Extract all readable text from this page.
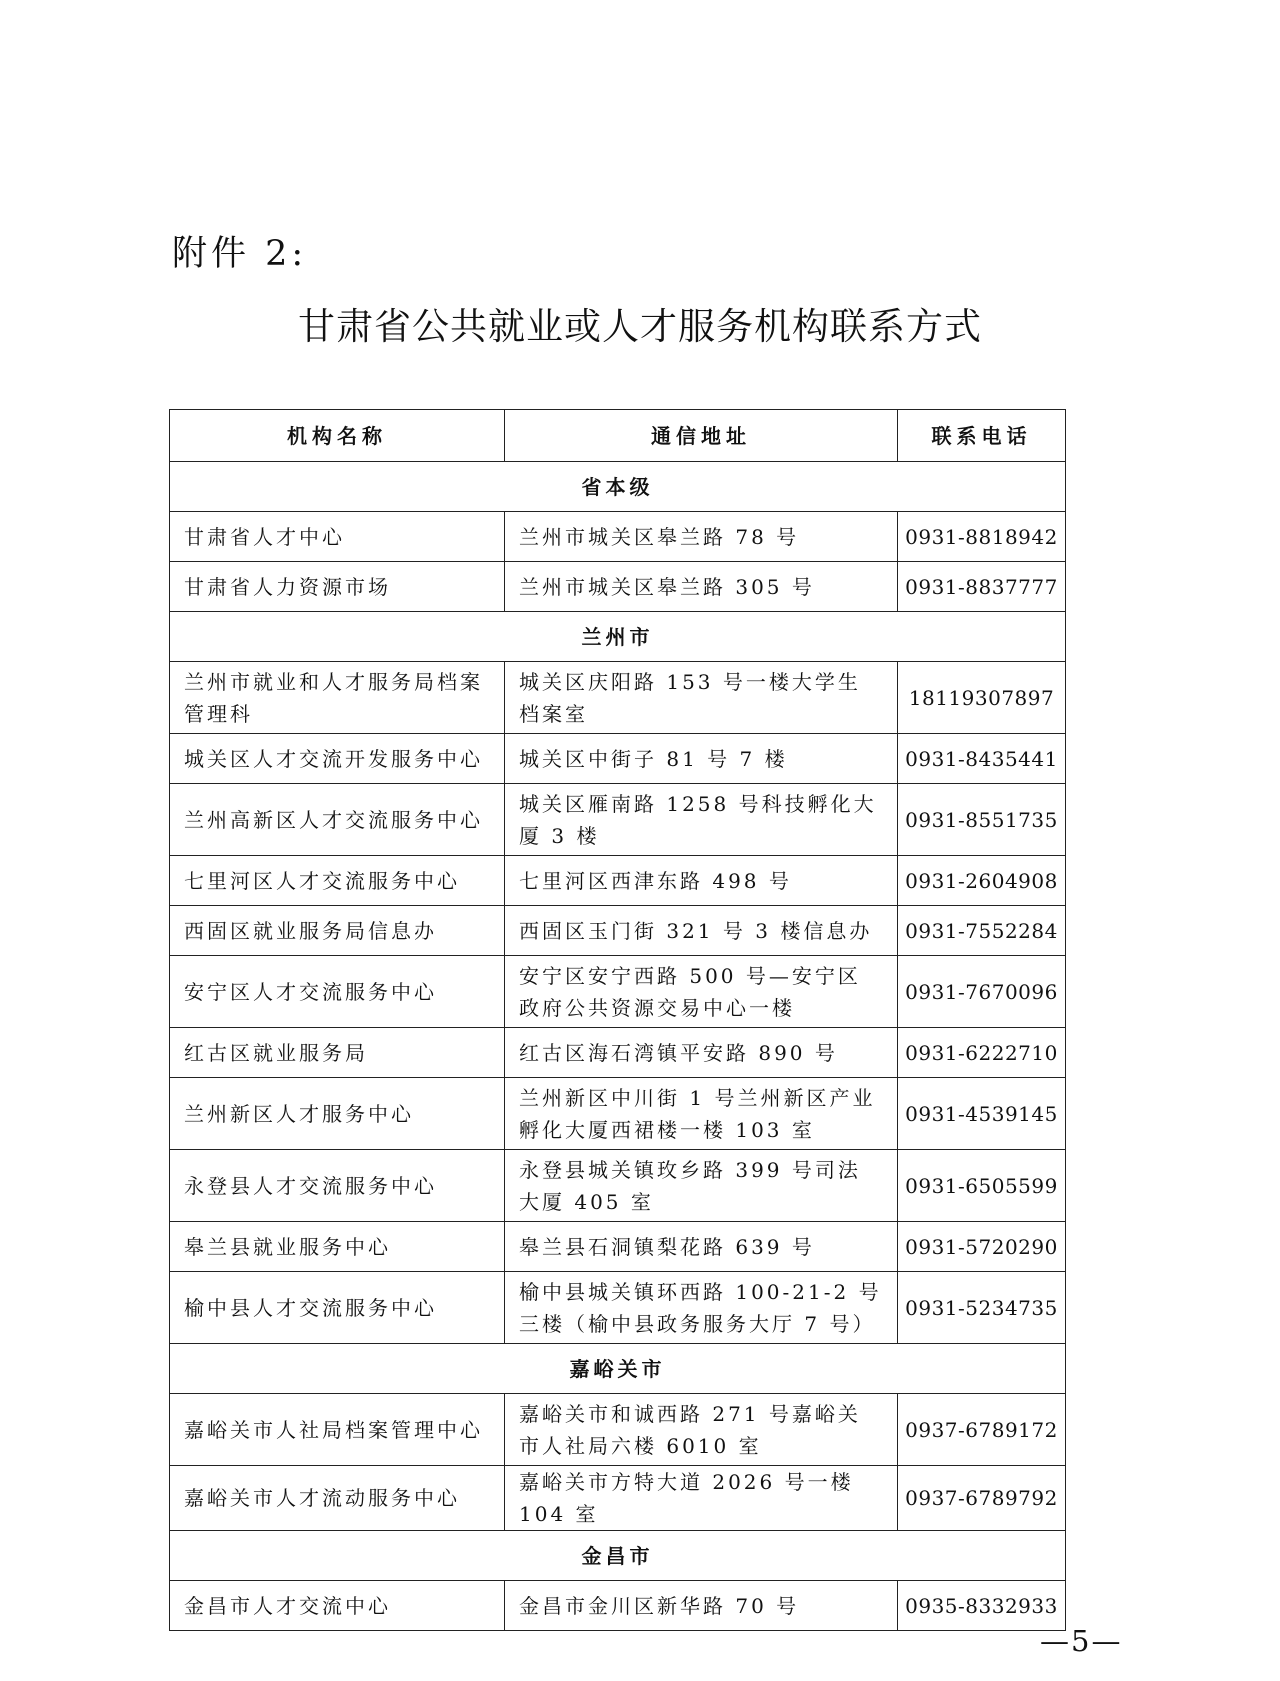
附件 2:
甘肃省公共就业或人才服务机构联系方式
机构名称	通信地址	联系电话
省本级		
甘肃省人才中心	兰州市城关区皋兰路 78 号	0931-8818942
甘肃省人力资源市场	兰州市城关区皋兰路 305 号	0931-8837777
兰州市		
兰州市就业和人才服务局档案管理科	城关区庆阳路 153 号一楼大学生档案室	18119307897
城关区人才交流开发服务中心	城关区中街子 81 号 7 楼	0931-8435441
兰州高新区人才交流服务中心	城关区雁南路 1258 号科技孵化大厦 3 楼	0931-8551735
七里河区人才交流服务中心	七里河区西津东路 498 号	0931-2604908
西固区就业服务局信息办	西固区玉门街 321 号 3 楼信息办	0931-7552284
安宁区人才交流服务中心	安宁区安宁西路 500 号—安宁区政府公共资源交易中心一楼	0931-7670096
红古区就业服务局	红古区海石湾镇平安路 890 号	0931-6222710
兰州新区人才服务中心	兰州新区中川街 1 号兰州新区产业孵化大厦西裙楼一楼 103 室	0931-4539145
永登县人才交流服务中心	永登县城关镇玫乡路 399 号司法大厦 405 室	0931-6505599
皋兰县就业服务中心	皋兰县石洞镇梨花路 639 号	0931-5720290
榆中县人才交流服务中心	榆中县城关镇环西路 100-21-2 号三楼（榆中县政务服务大厅 7 号）	0931-5234735
嘉峪关市		
嘉峪关市人社局档案管理中心	嘉峪关市和诚西路 271 号嘉峪关市人社局六楼 6010 室	0937-6789172
嘉峪关市人才流动服务中心	嘉峪关市方特大道 2026 号一楼 104 室	0937-6789792
金昌市		
金昌市人才交流中心	金昌市金川区新华路 70 号	0935-8332933
—5—
